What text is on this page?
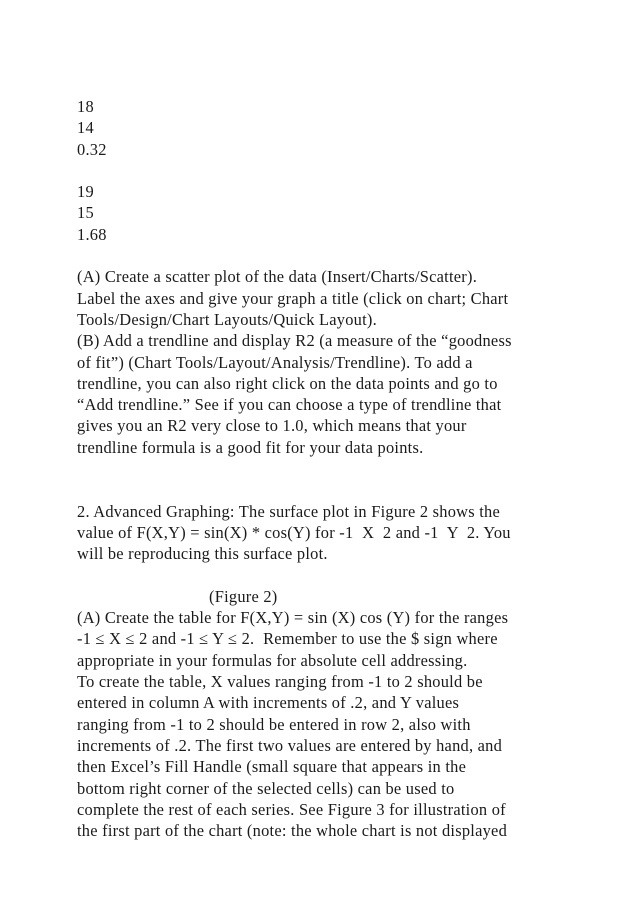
18
14
0.32
19
15
1.68
(A) Create a scatter plot of the data (Insert/Charts/Scatter).
Label the axes and give your graph a title (click on chart; Chart
Tools/Design/Chart Layouts/Quick Layout).
(B) Add a trendline and display R2 (a measure of the “goodness
of fit”) (Chart Tools/Layout/Analysis/Trendline). To add a
trendline, you can also right click on the data points and go to
“Add trendline.” See if you can choose a type of trendline that
gives you an R2 very close to 1.0, which means that your
trendline formula is a good fit for your data points.
2. Advanced Graphing: The surface plot in Figure 2 shows the
value of F(X,Y) = sin(X) * cos(Y) for -1  X  2 and -1  Y  2. You
will be reproducing this surface plot.
(Figure 2)
(A) Create the table for F(X,Y) = sin (X) cos (Y) for the ranges
-1 ≤ X ≤ 2 and -1 ≤ Y ≤ 2.  Remember to use the $ sign where
appropriate in your formulas for absolute cell addressing.
To create the table, X values ranging from -1 to 2 should be
entered in column A with increments of .2, and Y values
ranging from -1 to 2 should be entered in row 2, also with
increments of .2. The first two values are entered by hand, and
then Excel’s Fill Handle (small square that appears in the
bottom right corner of the selected cells) can be used to
complete the rest of each series. See Figure 3 for illustration of
the first part of the chart (note: the whole chart is not displayed
